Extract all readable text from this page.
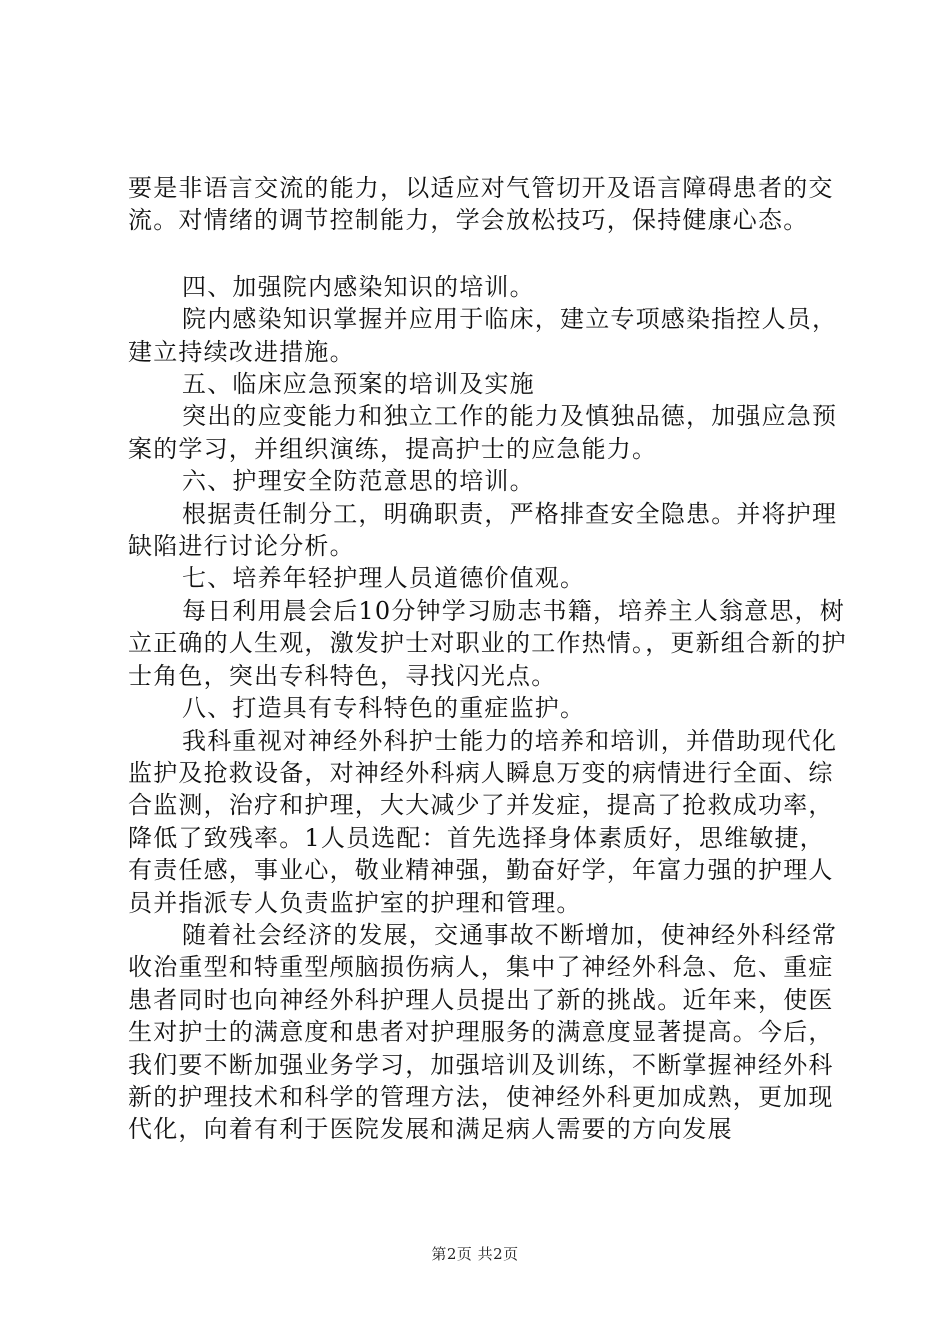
要是非语言交流的能力，以适应对气管切开及语言障碍患者的交流。对情绪的调节控制能力，学会放松技巧，保持健康心态。

四、加强院内感染知识的培训。

院内感染知识掌握并应用于临床，建立专项感染指控人员，建立持续改进措施。

五、临床应急预案的培训及实施

突出的应变能力和独立工作的能力及慎独品德，加强应急预案的学习，并组织演练，提高护士的应急能力。

六、护理安全防范意思的培训。

根据责任制分工，明确职责，严格排查安全隐患。并将护理缺陷进行讨论分析。

七、培养年轻护理人员道德价值观。

每日利用晨会后10分钟学习励志书籍，培养主人翁意思，树立正确的人生观，激发护士对职业的工作热情。，更新组合新的护士角色，突出专科特色，寻找闪光点。

八、打造具有专科特色的重症监护。

我科重视对神经外科护士能力的培养和培训，并借助现代化监护及抢救设备，对神经外科病人瞬息万变的病情进行全面、综合监测，治疗和护理，大大减少了并发症，提高了抢救成功率，降低了致残率。1人员选配：首先选择身体素质好，思维敏捷，有责任感，事业心，敬业精神强，勤奋好学，年富力强的护理人员并指派专人负责监护室的护理和管理。

随着社会经济的发展，交通事故不断增加，使神经外科经常收治重型和特重型颅脑损伤病人，集中了神经外科急、危、重症患者同时也向神经外科护理人员提出了新的挑战。近年来，使医生对护士的满意度和患者对护理服务的满意度显著提高。今后，我们要不断加强业务学习，加强培训及训练，不断掌握神经外科新的护理技术和科学的管理方法，使神经外科更加成熟，更加现代化，向着有利于医院发展和满足病人需要的方向发展

第2页 共2页
